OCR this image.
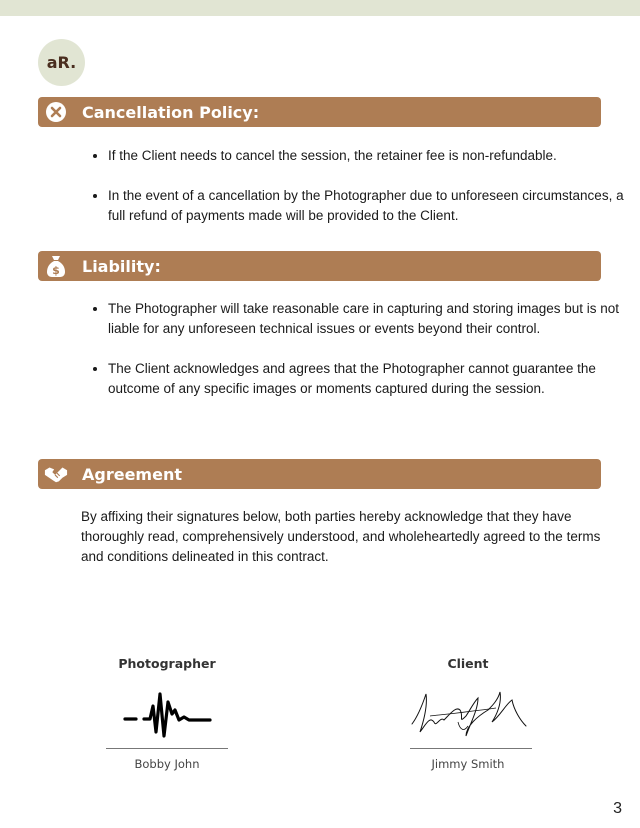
aR.
Cancellation Policy:
• If the Client needs to cancel the session, the retainer fee is non-refundable.
• In the event of a cancellation by the Photographer due to unforeseen circumstances, a full refund of payments made will be provided to the Client.
$ Liability:
• The Photographer will take reasonable care in capturing and storing images but is not liable for any unforeseen technical issues or events beyond their control.
• The Client acknowledges and agrees that the Photographer cannot guarantee the outcome of any specific images or moments captured during the session.
Agreement
By affixing their signatures below, both parties hereby acknowledge that they have thoroughly read, comprehensively understood, and wholeheartedly agreed to the terms and conditions delineated in this contract.
Photographer
Bobby John
Client
Jimmy Smith
3
